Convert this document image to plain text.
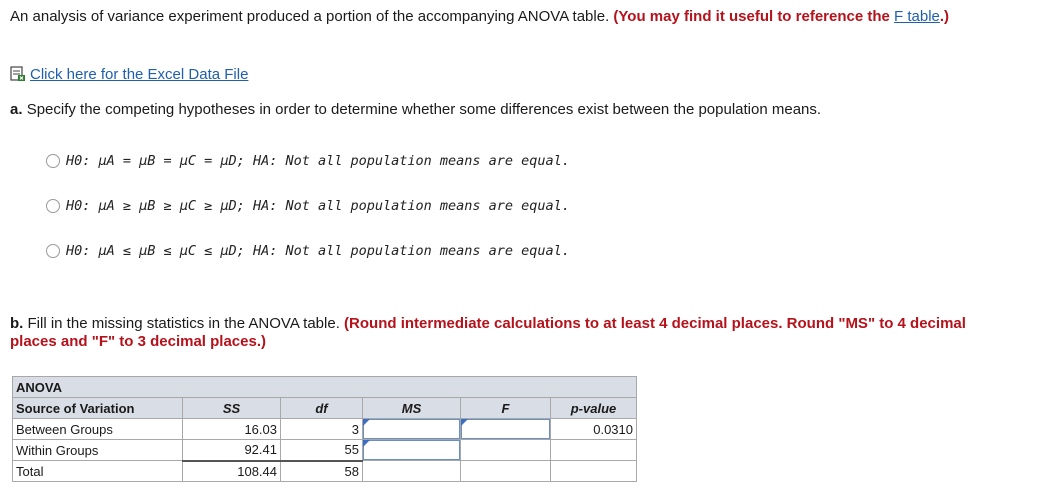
An analysis of variance experiment produced a portion of the accompanying ANOVA table. (You may find it useful to reference the F table.)
Click here for the Excel Data File
a. Specify the competing hypotheses in order to determine whether some differences exist between the population means.
H0: μA = μB = μC = μD;
HA: Not all population means are equal.
H0: μA ≥ μB ≥ μC ≥ μD;
HA: Not all population means are equal.
H0: μA ≤ μB ≤ μC ≤ μD;
HA: Not all population means are equal.
b. Fill in the missing statistics in the ANOVA table. (Round intermediate calculations to at least 4 decimal places. Round "MS" to 4 decimal places and "F" to 3 decimal places.)
ANOVA					
Source of Variation	SS	df	MS	F	p-value
Between Groups	16.03	3			0.0310
Within Groups	92.41	55	

Total	108.44	58			
